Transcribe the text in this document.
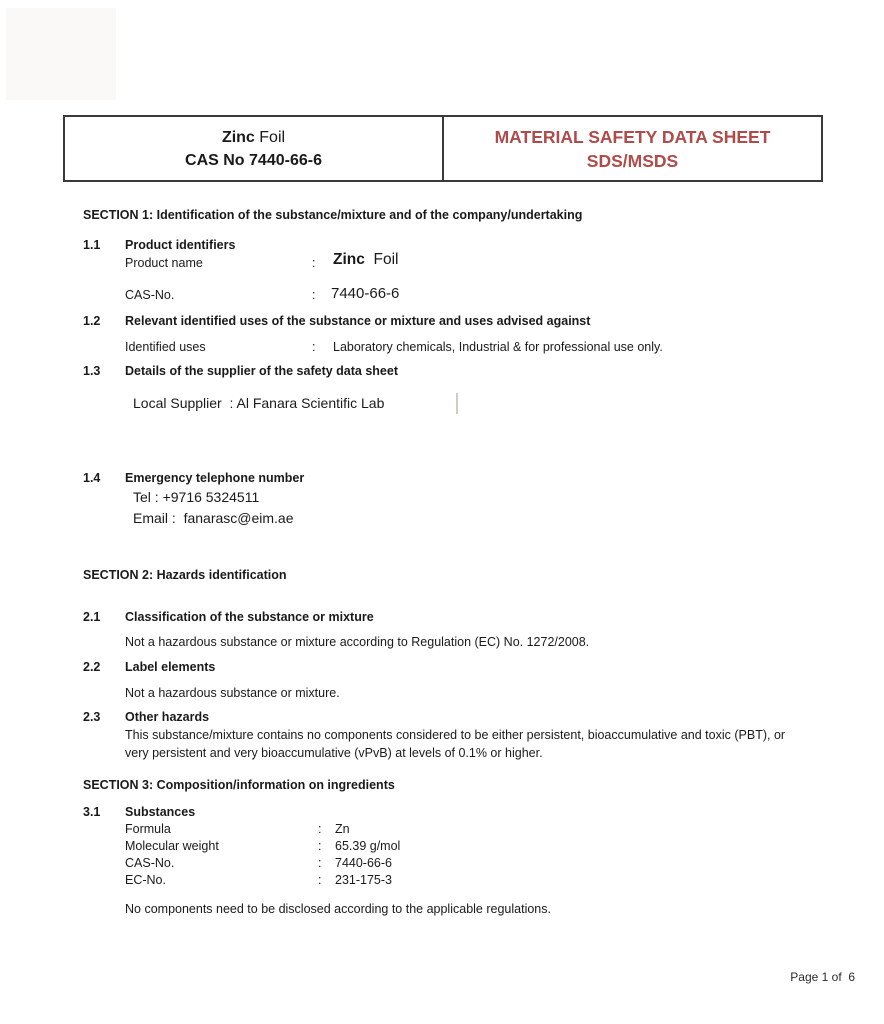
Zinc Foil
CAS No 7440-66-6
MATERIAL SAFETY DATA SHEET
SDS/MSDS
SECTION 1: Identification of the substance/mixture and of the company/undertaking
1.1 Product identifiers
Product name	: Zinc  Foil
CAS-No.	: 7440-66-6
1.2 Relevant identified uses of the substance or mixture and uses advised against
Identified uses	: Laboratory chemicals, Industrial & for professional use only.
1.3 Details of the supplier of the safety data sheet
Local Supplier  : Al Fanara Scientific Lab
1.4 Emergency telephone number
Tel : +9716 5324511
Email :  fanarasc@eim.ae
SECTION 2: Hazards identification
2.1 Classification of the substance or mixture
Not a hazardous substance or mixture according to Regulation (EC) No. 1272/2008.
2.2 Label elements
Not a hazardous substance or mixture.
2.3 Other hazards
This substance/mixture contains no components considered to be either persistent, bioaccumulative and toxic (PBT), or very persistent and very bioaccumulative (vPvB) at levels of 0.1% or higher.
SECTION 3: Composition/information on ingredients
3.1 Substances
Formula	: Zn
Molecular weight	: 65.39 g/mol
CAS-No.	: 7440-66-6
EC-No.	: 231-175-3
No components need to be disclosed according to the applicable regulations.
Page 1 of  6
